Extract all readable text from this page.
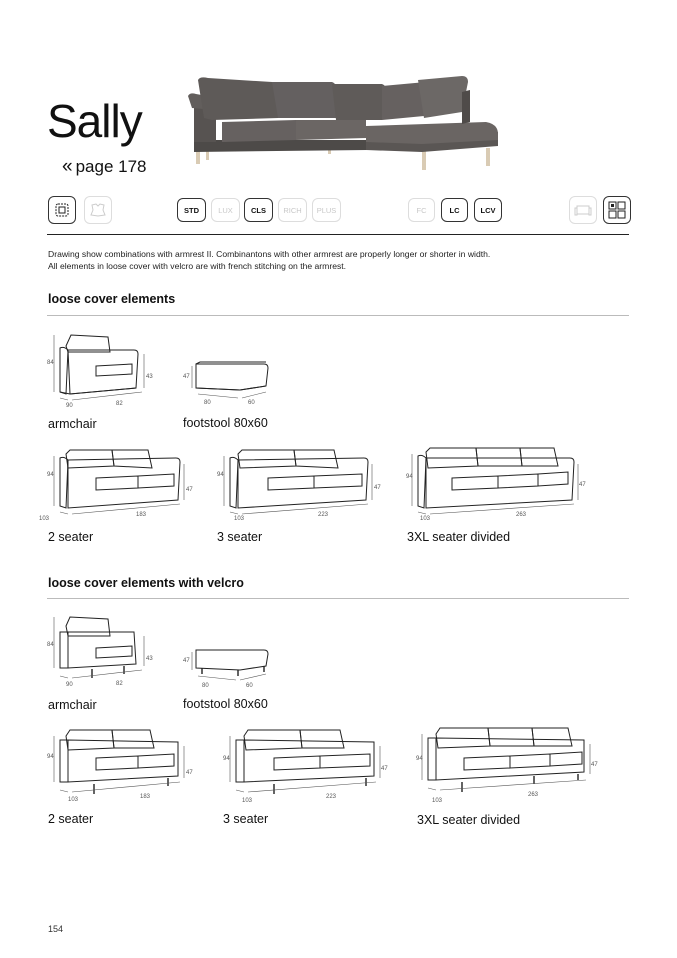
Sally
« page 178
STD	LUX	CLS	RICH	PLUS	FC	LC	LCV
Drawing show combinations with armrest II. Combinantons with other armrest are properly longer or shorter in width.
All elements in loose cover with velcro are with french stitching on the armrest.
loose cover elements
84
43
90	82
armchair
47
80	60
footstool 80x60
94
47
103
183
2 seater
94
47
103
223
3 seater
94
47
103
263
3XL seater divided
loose cover elements with velcro
84
43
90	82
armchair
47
80	60
footstool 80x60
94
47
103	183
2 seater
94
47
103
223
3 seater
94
47
103
263
3XL seater divided
154
